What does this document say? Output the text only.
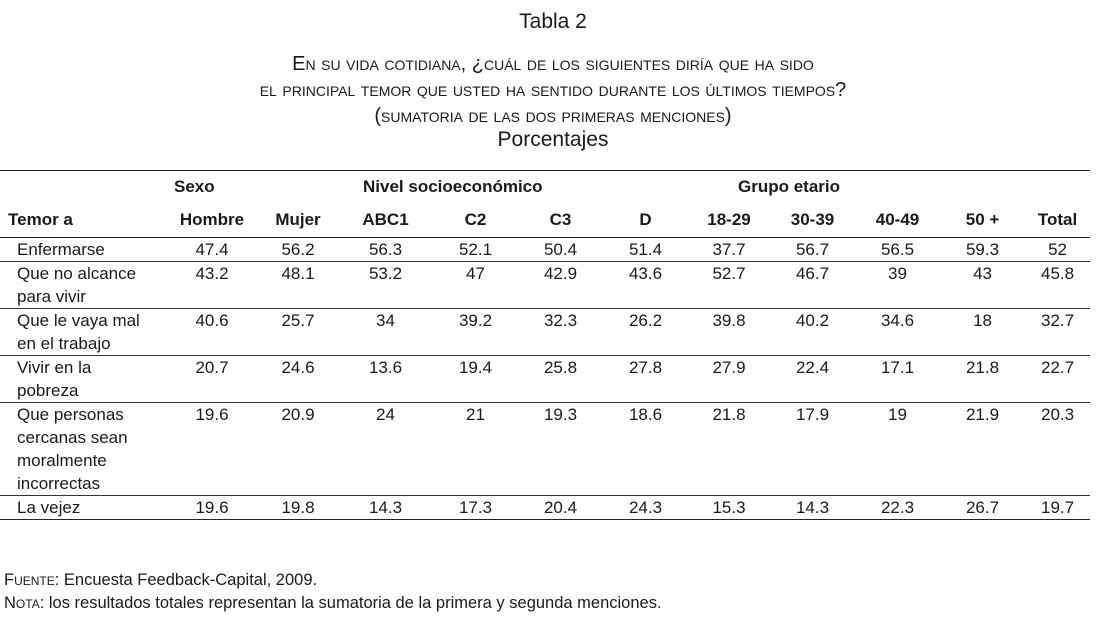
Tabla 2
En su vida cotidiana, ¿cuál de los siguientes diría que ha sido
el principal temor que usted ha sentido durante los últimos tiempos?
(sumatoria de las dos primeras menciones)
Porcentajes
	Sexo		Nivel socioeconómico				Grupo etario				
Temor a	Hombre	Mujer	ABC1	C2	C3	D	18-29	30-39	40-49	50 +	Total

Enfermarse	47.4	56.2	56.3	52.1	50.4	51.4	37.7	56.7	56.5	59.3	52

Que no alcance
para vivir	43.2	48.1	53.2	47	42.9	43.6	52.7	46.7	39	43	45.8

Que le vaya mal
en el trabajo	40.6	25.7	34	39.2	32.3	26.2	39.8	40.2	34.6	18	32.7

Vivir en la
pobreza	20.7	24.6	13.6	19.4	25.8	27.8	27.9	22.4	17.1	21.8	22.7

Que personas
cercanas sean
moralmente
incorrectas	19.6	20.9	24	21	19.3	18.6	21.8	17.9	19	21.9	20.3

La vejez	19.6	19.8	14.3	17.3	20.4	24.3	15.3	14.3	22.3	26.7	19.7
Fuente: Encuesta Feedback-Capital, 2009.
Nota: los resultados totales representan la sumatoria de la primera y segunda menciones.
